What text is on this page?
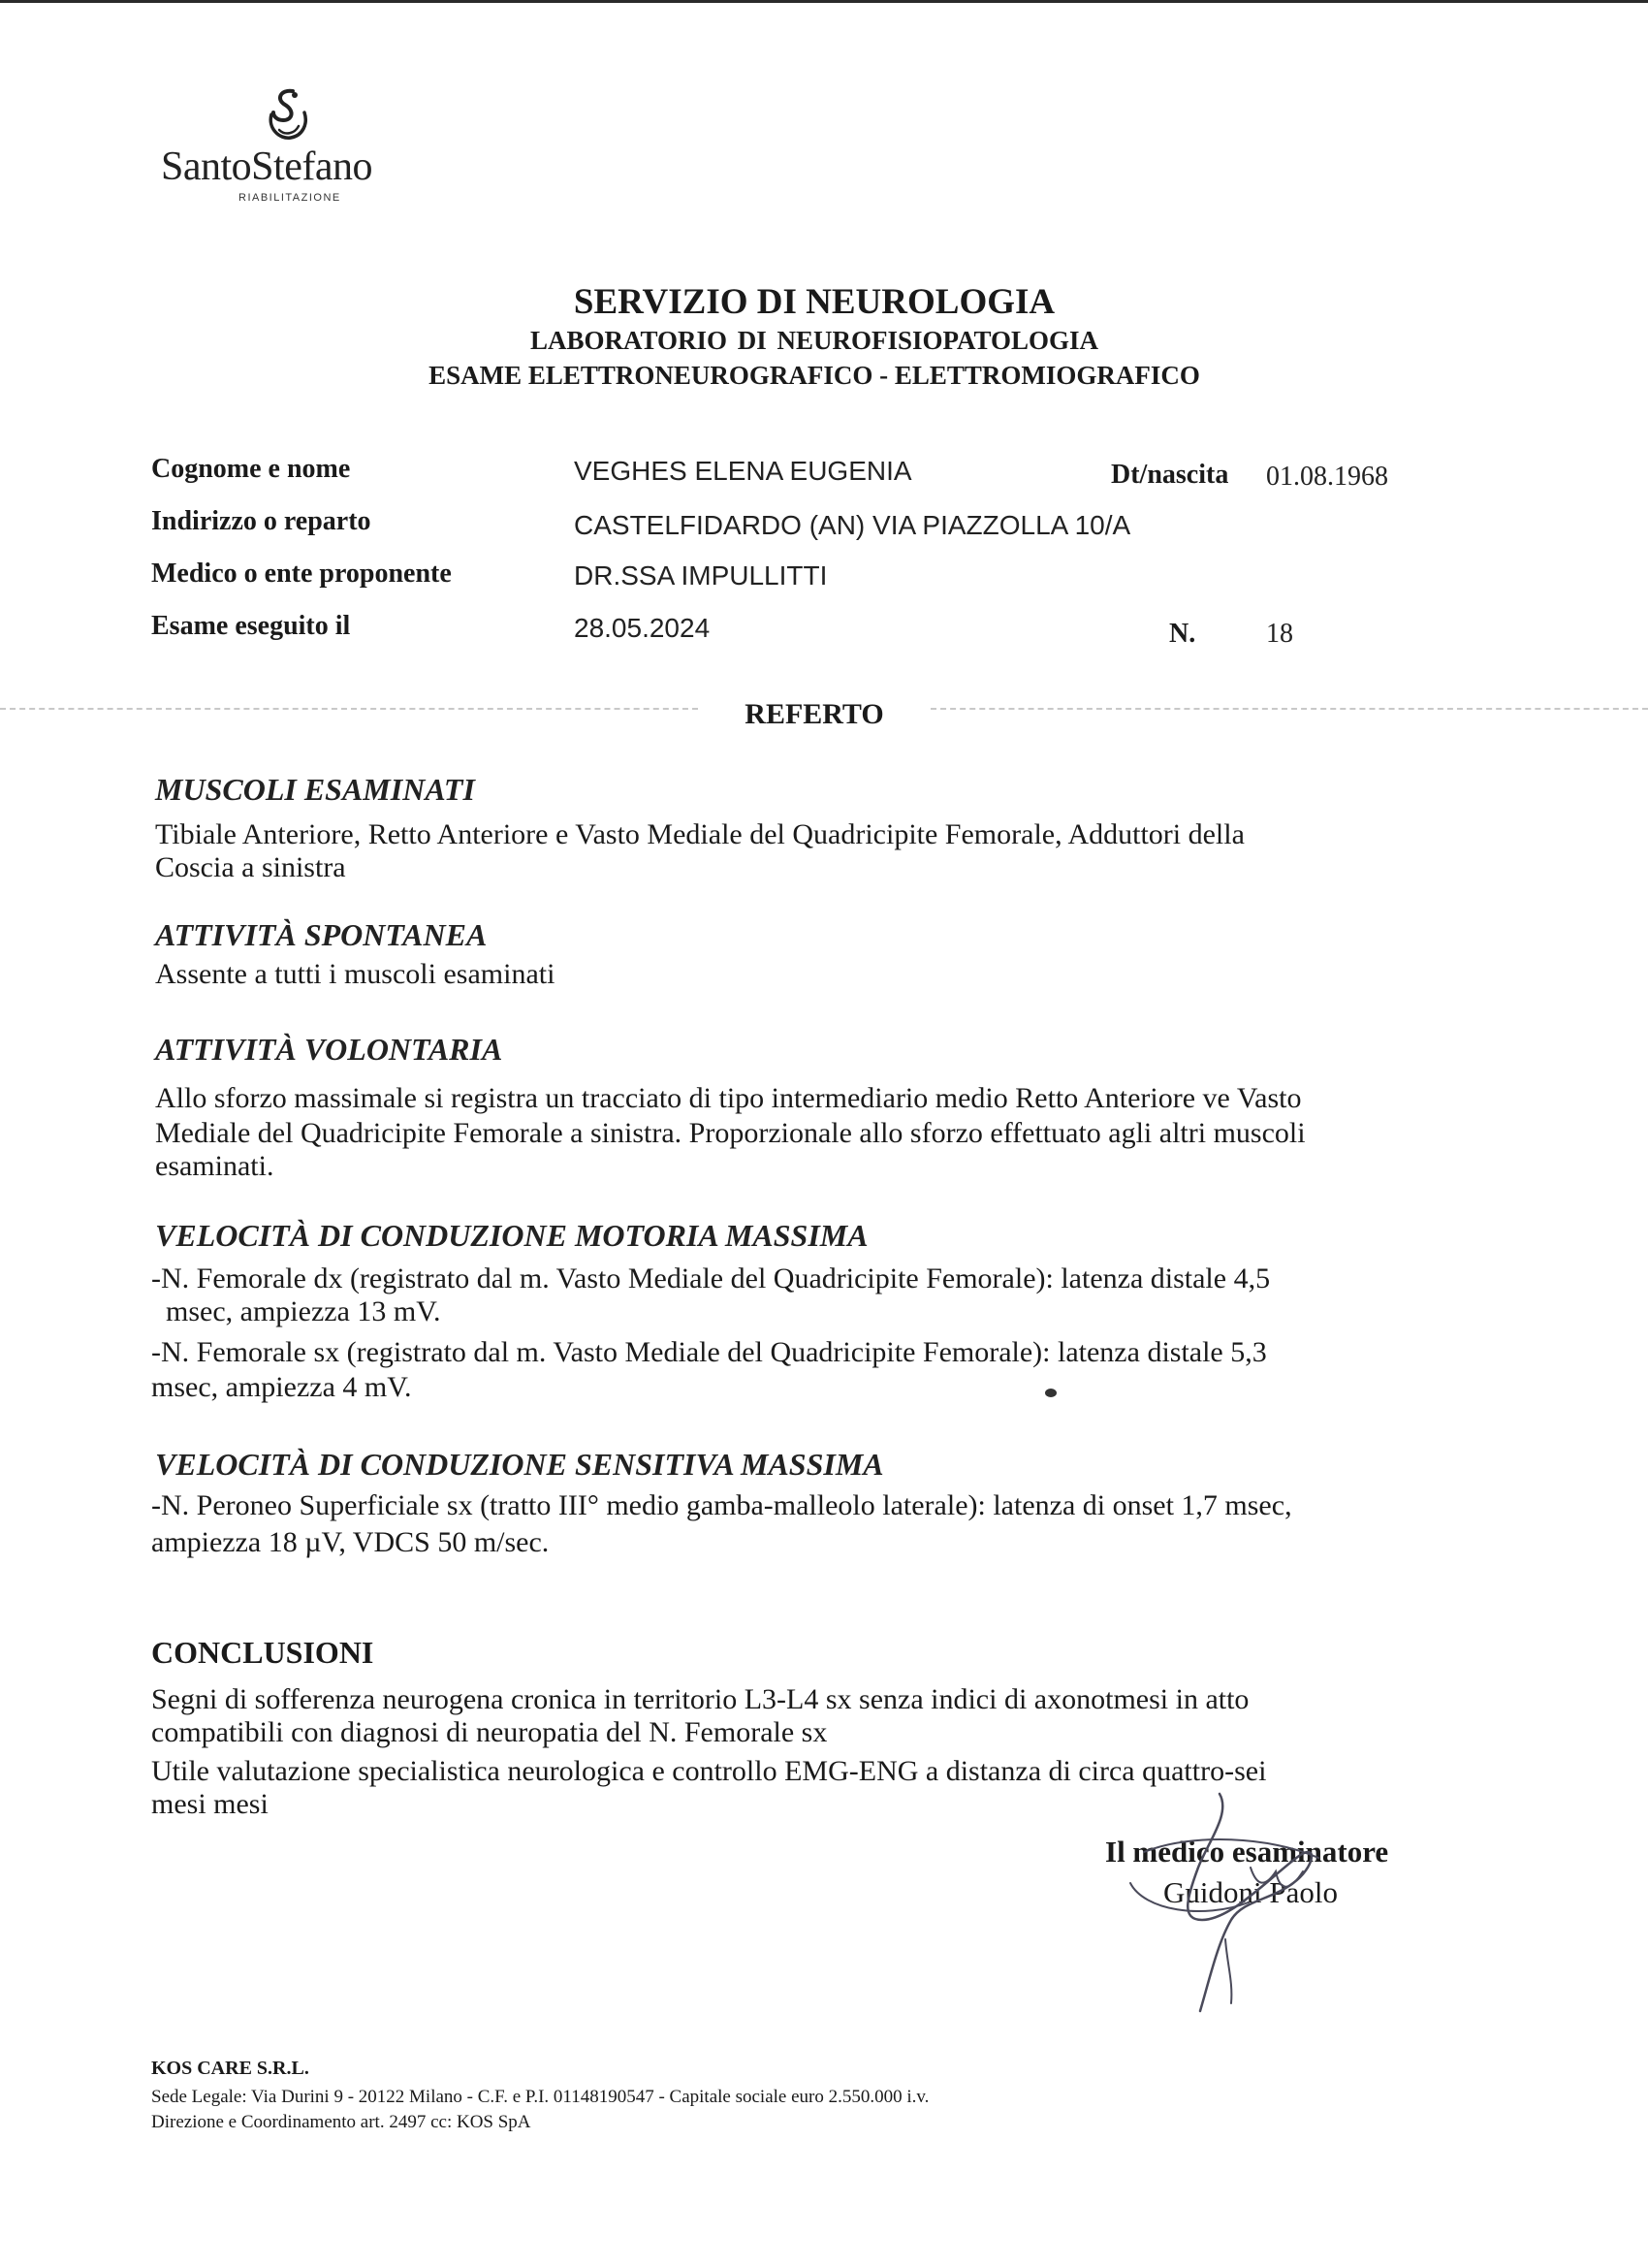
SantoStefano
RIABILITAZIONE
SERVIZIO DI NEUROLOGIA
LABORATORIO DI NEUROFISIOPATOLOGIA
ESAME ELETTRONEUROGRAFICO - ELETTROMIOGRAFICO
Cognome e nome	VEGHES ELENA EUGENIA	Dt/nascita 01.08.1968
Indirizzo o reparto	CASTELFIDARDO (AN) VIA PIAZZOLLA 10/A
Medico o ente proponente	DR.SSA IMPULLITTI
Esame eseguito il	28.05.2024	N.	18
REFERTO
MUSCOLI ESAMINATI
Tibiale Anteriore, Retto Anteriore e Vasto Mediale del Quadricipite Femorale, Adduttori della
Coscia a sinistra
ATTIVITÀ SPONTANEA
Assente a tutti i muscoli esaminati
ATTIVITÀ VOLONTARIA
Allo sforzo massimale si registra un tracciato di tipo intermediario medio Retto Anteriore ve Vasto
Mediale del Quadricipite Femorale a sinistra. Proporzionale allo sforzo effettuato agli altri muscoli
esaminati.
VELOCITÀ DI CONDUZIONE MOTORIA MASSIMA
-N. Femorale dx (registrato dal m. Vasto Mediale del Quadricipite Femorale): latenza distale 4,5
msec, ampiezza 13 mV.
-N. Femorale sx (registrato dal m. Vasto Mediale del Quadricipite Femorale): latenza distale 5,3
msec, ampiezza 4 mV.
VELOCITÀ DI CONDUZIONE SENSITIVA MASSIMA
-N. Peroneo Superficiale sx (tratto III° medio gamba-malleolo laterale): latenza di onset 1,7 msec,
ampiezza 18 µV, VDCS 50 m/sec.
CONCLUSIONI
Segni di sofferenza neurogena cronica in territorio L3-L4 sx senza indici di axonotmesi in atto
compatibili con diagnosi di neuropatia del N. Femorale sx
Utile valutazione specialistica neurologica e controllo EMG-ENG a distanza di circa quattro-sei
mesi mesi
Il medico esaminatore
Guidoni Paolo
KOS CARE S.R.L.
Sede Legale: Via Durini 9 - 20122 Milano - C.F. e P.I. 01148190547 - Capitale sociale euro 2.550.000 i.v.
Direzione e Coordinamento art. 2497 cc: KOS SpA
